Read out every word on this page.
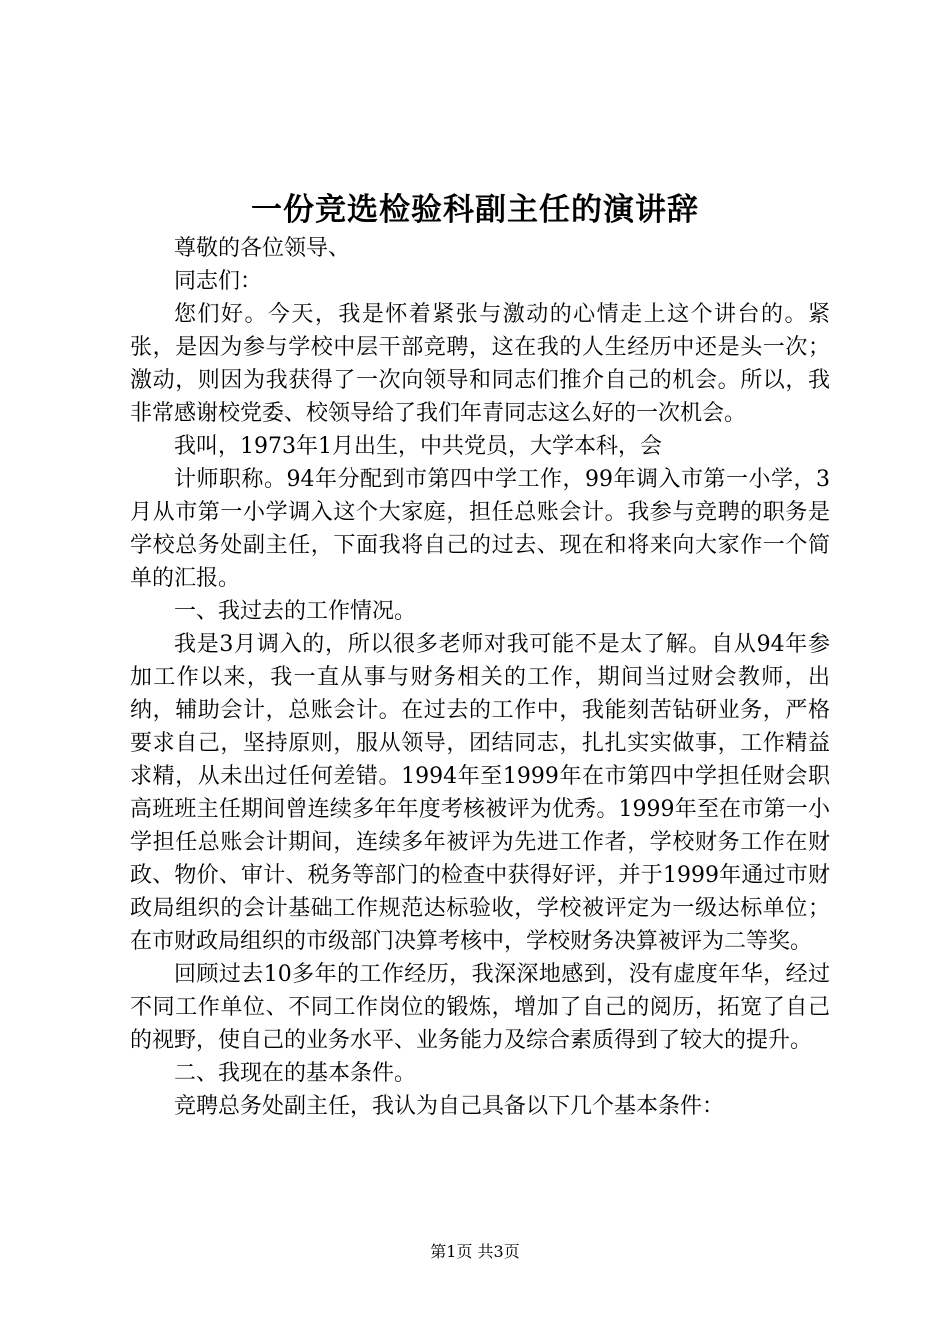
一份竞选检验科副主任的演讲辞

尊敬的各位领导、

同志们：

您们好。今天，我是怀着紧张与激动的心情走上这个讲台的。紧张，是因为参与学校中层干部竞聘，这在我的人生经历中还是头一次；激动，则因为我获得了一次向领导和同志们推介自己的机会。所以，我非常感谢校党委、校领导给了我们年青同志这么好的一次机会。

我叫，1973年1月出生，中共党员，大学本科，会

计师职称。94年分配到市第四中学工作，99年调入市第一小学，3月从市第一小学调入这个大家庭，担任总账会计。我参与竞聘的职务是学校总务处副主任，下面我将自己的过去、现在和将来向大家作一个简单的汇报。

一、我过去的工作情况。

我是3月调入的，所以很多老师对我可能不是太了解。自从94年参加工作以来，我一直从事与财务相关的工作，期间当过财会教师，出纳，辅助会计，总账会计。在过去的工作中，我能刻苦钻研业务，严格要求自己，坚持原则，服从领导，团结同志，扎扎实实做事，工作精益求精，从未出过任何差错。1994年至1999年在市第四中学担任财会职高班班主任期间曾连续多年年度考核被评为优秀。1999年至在市第一小学担任总账会计期间，连续多年被评为先进工作者，学校财务工作在财政、物价、审计、税务等部门的检查中获得好评，并于1999年通过市财政局组织的会计基础工作规范达标验收，学校被评定为一级达标单位；在市财政局组织的市级部门决算考核中，学校财务决算被评为二等奖。

回顾过去10多年的工作经历，我深深地感到，没有虚度年华，经过不同工作单位、不同工作岗位的锻炼，增加了自己的阅历，拓宽了自己的视野，使自己的业务水平、业务能力及综合素质得到了较大的提升。

二、我现在的基本条件。

竞聘总务处副主任，我认为自己具备以下几个基本条件：

第1页 共3页
